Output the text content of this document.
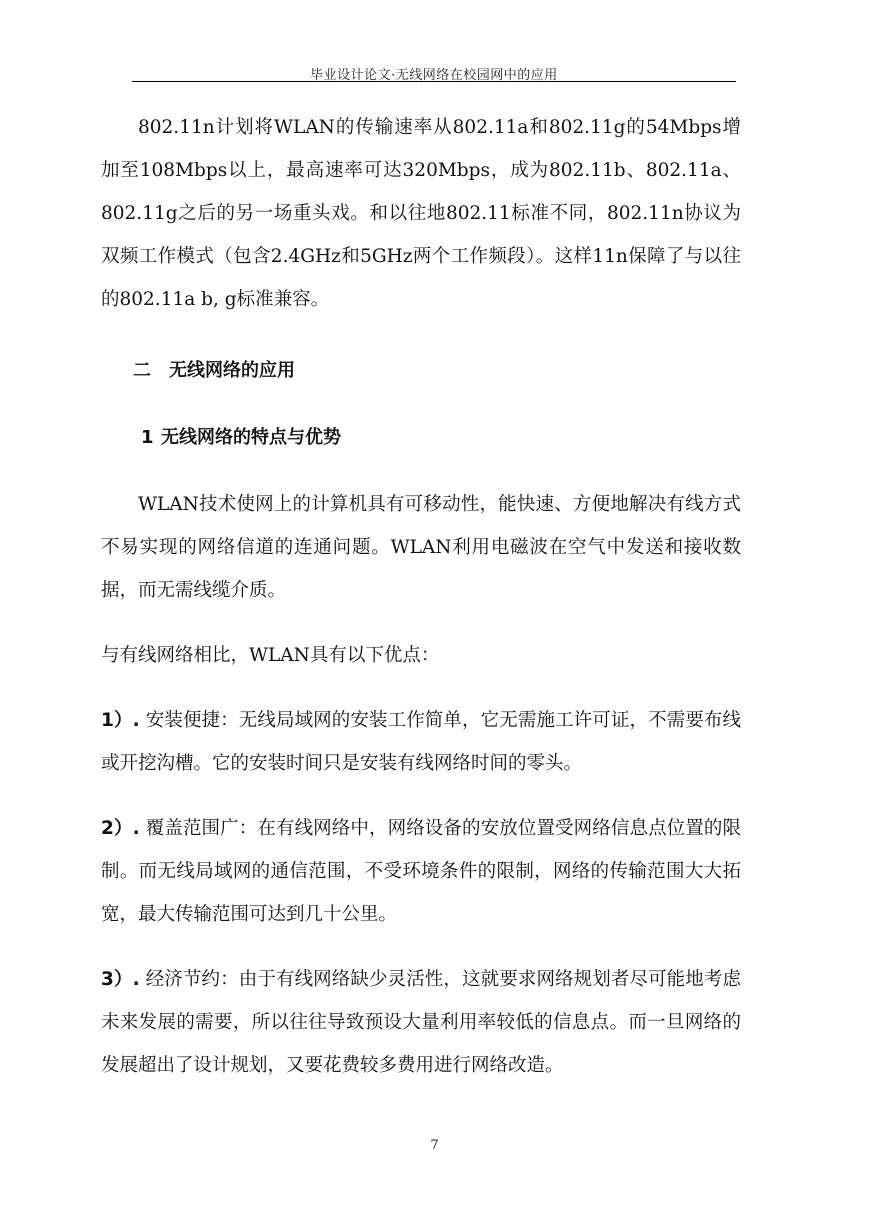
毕业设计论文·无线网络在校园网中的应用

802.11n计划将WLAN的传输速率从802.11a和802.11g的54Mbps增加至108Mbps以上，最高速率可达320Mbps，成为802.11b、802.11a、802.11g之后的另一场重头戏。和以往地802.11标准不同，802.11n协议为双频工作模式（包含2.4GHz和5GHz两个工作频段）。这样11n保障了与以往的802.11a b, g标准兼容。

二 无线网络的应用

1 无线网络的特点与优势

WLAN技术使网上的计算机具有可移动性，能快速、方便地解决有线方式不易实现的网络信道的连通问题。WLAN利用电磁波在空气中发送和接收数据，而无需线缆介质。

与有线网络相比，WLAN具有以下优点：

1）. 安装便捷：无线局域网的安装工作简单，它无需施工许可证，不需要布线或开挖沟槽。它的安装时间只是安装有线网络时间的零头。

2）. 覆盖范围广：在有线网络中，网络设备的安放位置受网络信息点位置的限制。而无线局域网的通信范围，不受环境条件的限制，网络的传输范围大大拓宽，最大传输范围可达到几十公里。

3）. 经济节约：由于有线网络缺少灵活性，这就要求网络规划者尽可能地考虑未来发展的需要，所以往往导致预设大量利用率较低的信息点。而一旦网络的发展超出了设计规划，又要花费较多费用进行网络改造。

7
